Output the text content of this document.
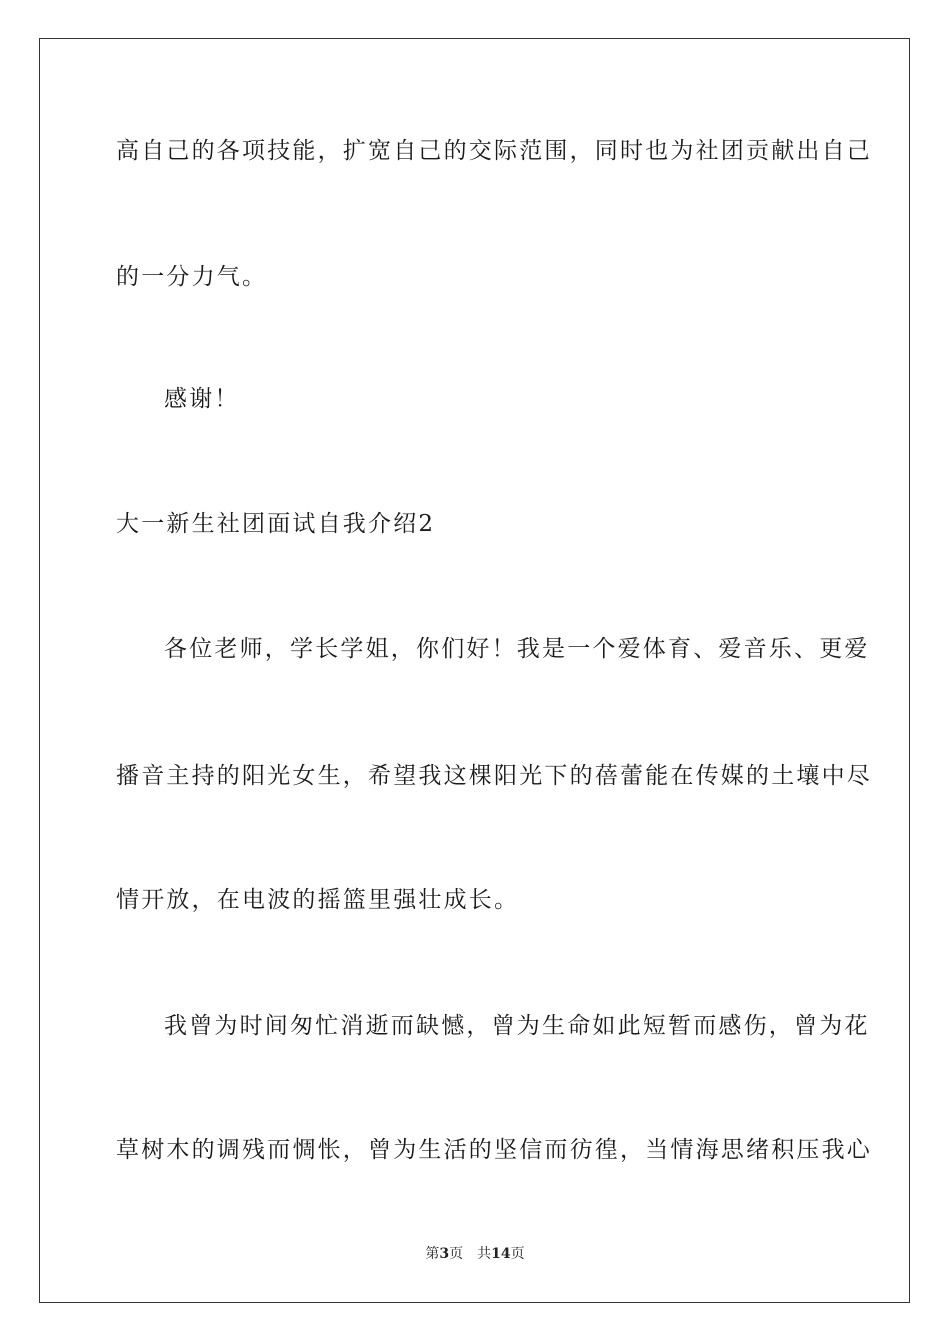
高自己的各项技能，扩宽自己的交际范围，同时也为社团贡献出自己
的一分力气。
感谢！
大一新生社团面试自我介绍2
各位老师，学长学姐，你们好！我是一个爱体育、爱音乐、更爱
播音主持的阳光女生，希望我这棵阳光下的蓓蕾能在传媒的土壤中尽
情开放，在电波的摇篮里强壮成长。
我曾为时间匆忙消逝而缺憾，曾为生命如此短暂而感伤，曾为花
草树木的调残而惆怅，曾为生活的坚信而彷徨，当情海思绪积压我心
第3页 共14页
